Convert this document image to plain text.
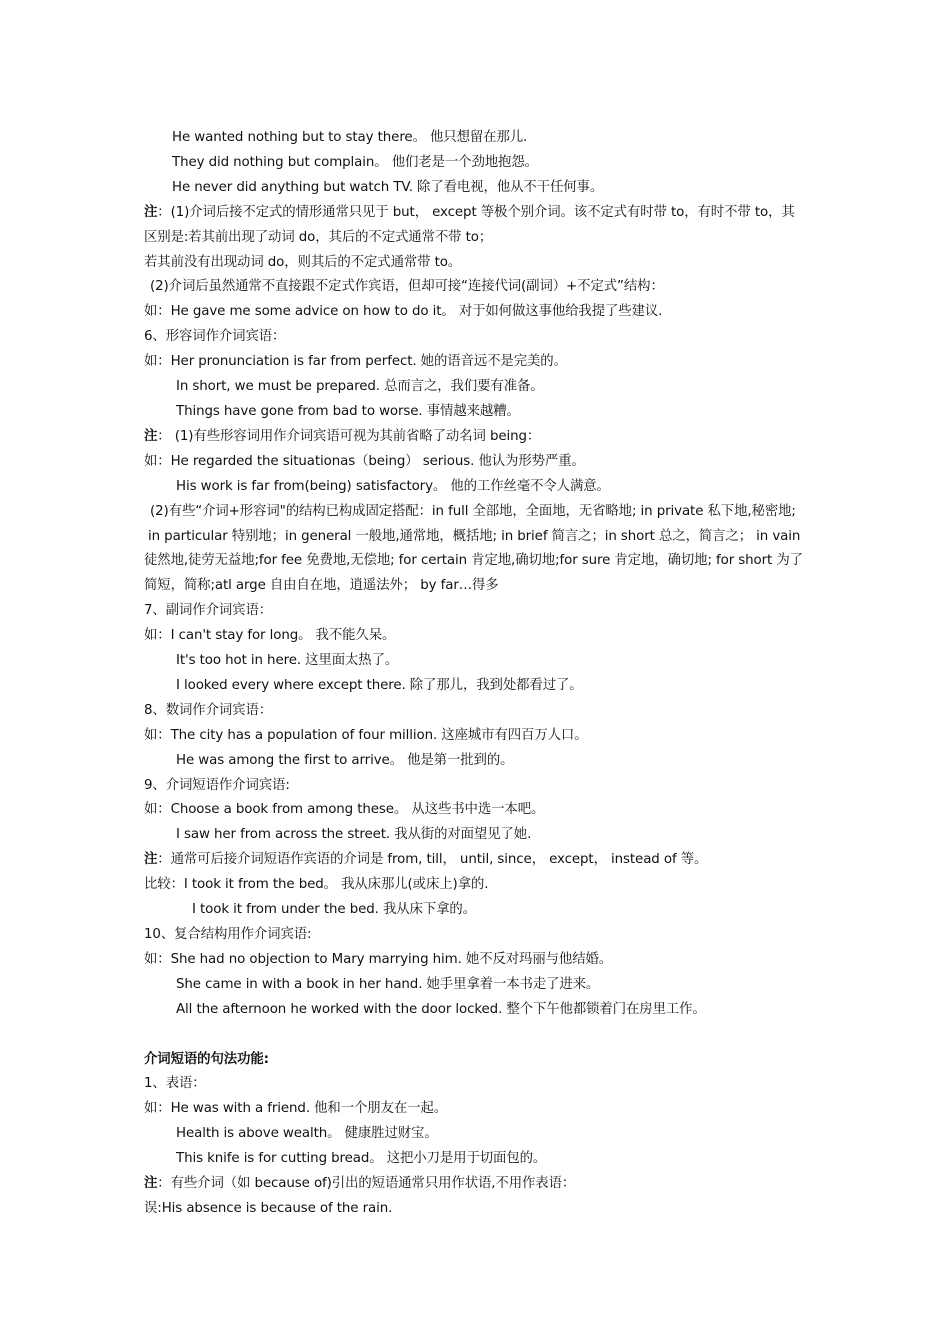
He wanted nothing but to stay there。 他只想留在那儿.
They did nothing but complain。 他们老是一个劲地抱怨。
He never did anything but watch TV. 除了看电视，他从不干任何事。
注：(1)介词后接不定式的情形通常只见于 but， except 等极个别介词。该不定式有时带 to，有时不带 to，其
区别是:若其前出现了动词 do，其后的不定式通常不带 to；
若其前没有出现动词 do，则其后的不定式通常带 to。
(2)介词后虽然通常不直接跟不定式作宾语，但却可接“连接代词(副词）+不定式”结构：
如：He gave me some advice on how to do it。 对于如何做这事他给我提了些建议.
6、形容词作介词宾语：
如：Her pronunciation is far from perfect. 她的语音远不是完美的。
In short, we must be prepared. 总而言之，我们要有准备。
Things have gone from bad to worse. 事情越来越糟。
注： (1)有些形容词用作介词宾语可视为其前省略了动名词 being：
如：He regarded the situationas（being） serious. 他认为形势严重。
His work is far from(being) satisfactory。 他的工作丝毫不令人满意。
(2)有些“介词+形容词"的结构已构成固定搭配：in full 全部地，全面地，无省略地; in private 私下地,秘密地;
in particular 特别地；in general 一般地,通常地，概括地; in brief 简言之；in short 总之，简言之； in vain
徒然地,徒劳无益地;for fee 免费地,无偿地; for certain 肯定地,确切地;for sure 肯定地，确切地; for short 为了
简短，简称;atl arge 自由自在地，逍遥法外； by far…得多
7、副词作介词宾语：
如：I can't stay for long。 我不能久呆。
It's too hot in here. 这里面太热了。
I looked every where except there. 除了那儿，我到处都看过了。
8、数词作介词宾语：
如：The city has a population of four million. 这座城市有四百万人口。
He was among the first to arrive。 他是第一批到的。
9、介词短语作介词宾语:
如：Choose a book from among these。 从这些书中选一本吧。
I saw her from across the street. 我从街的对面望见了她.
注：通常可后接介词短语作宾语的介词是 from, till， until, since， except， instead of 等。
比较：I took it from the bed。 我从床那儿(或床上)拿的.
I took it from under the bed. 我从床下拿的。
10、复合结构用作介词宾语:
如：She had no objection to Mary marrying him. 她不反对玛丽与他结婚。
She came in with a book in her hand. 她手里拿着一本书走了进来。
All the afternoon he worked with the door locked. 整个下午他都锁着门在房里工作。
介词短语的句法功能:
1、表语：
如：He was with a friend. 他和一个朋友在一起。
Health is above wealth。 健康胜过财宝。
This knife is for cutting bread。 这把小刀是用于切面包的。
注：有些介词（如 because of)引出的短语通常只用作状语,不用作表语：
误:His absence is because of the rain.
